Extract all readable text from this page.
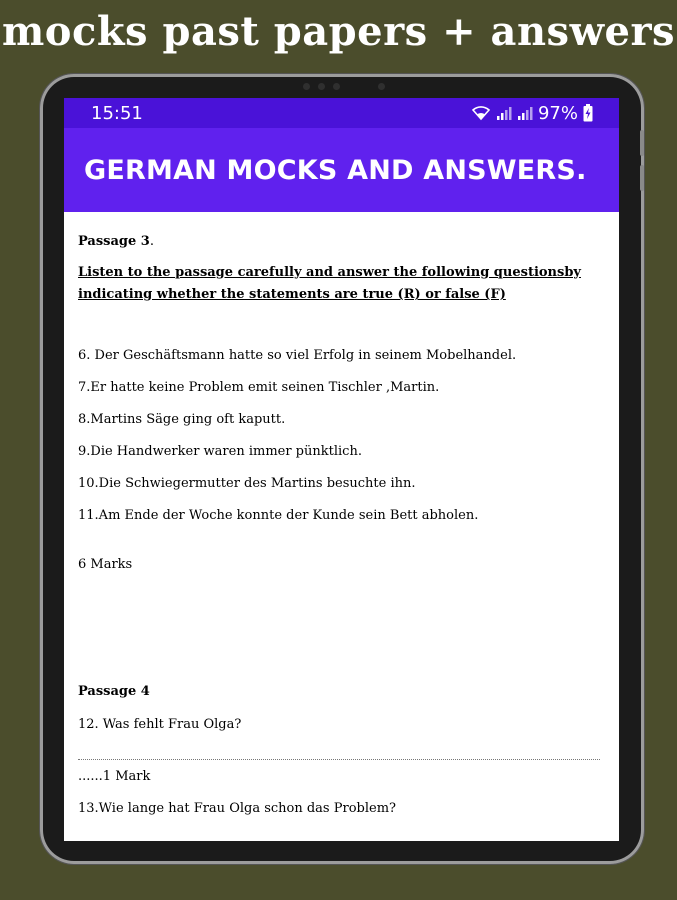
mocks past papers + answers
15:51	97%
GERMAN MOCKS AND ANSWERS.
Passage 3.
Listen to the passage carefully and answer the following questionsby
indicating whether the statements are true (R) or false (F)
6. Der Geschäftsmann hatte so viel Erfolg in seinem Mobelhandel.
7.Er hatte keine Problem emit seinen Tischler ,Martin.
8.Martins Säge ging oft kaputt.
9.Die Handwerker waren immer pünktlich.
10.Die Schwiegermutter des Martins besuchte ihn.
11.Am Ende der Woche konnte der Kunde sein Bett abholen.
6 Marks
Passage 4
12. Was fehlt Frau Olga?
......1 Mark
13.Wie lange hat Frau Olga schon das Problem?
